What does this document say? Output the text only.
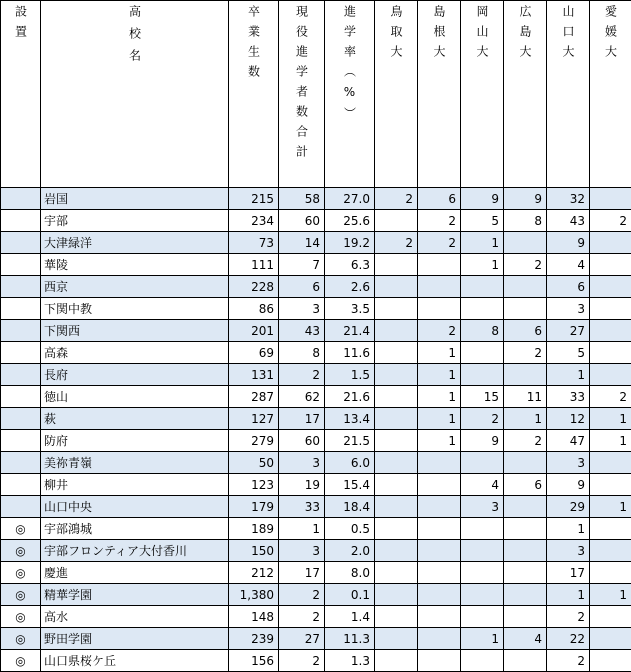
設置	高校名	卒業生数	現役進学者数合計	進学率（%）	鳥取大	島根大	岡山大	広島大	山口大	愛媛大
	岩国	215	58	27.0	2	6	9	9	32	
	宇部	234	60	25.6		2	5	8	43	2
	大津緑洋	73	14	19.2	2	2	1		9	
	華陵	111	7	6.3			1	2	4	
	西京	228	6	2.6					6	
	下関中教	86	3	3.5					3	
	下関西	201	43	21.4		2	8	6	27	
	高森	69	8	11.6		1		2	5	
	長府	131	2	1.5		1			1	
	徳山	287	62	21.6		1	15	11	33	2
	萩	127	17	13.4		1	2	1	12	1
	防府	279	60	21.5		1	9	2	47	1
	美祢青嶺	50	3	6.0					3	
	柳井	123	19	15.4			4	6	9	
	山口中央	179	33	18.4			3		29	1
◎	宇部鴻城	189	1	0.5					1	
◎	宇部フロンティア大付香川	150	3	2.0					3	
◎	慶進	212	17	8.0					17	
◎	精華学園	1,380	2	0.1					1	1
◎	高水	148	2	1.4					2	
◎	野田学園	239	27	11.3			1	4	22	
◎	山口県桜ケ丘	156	2	1.3					2	
